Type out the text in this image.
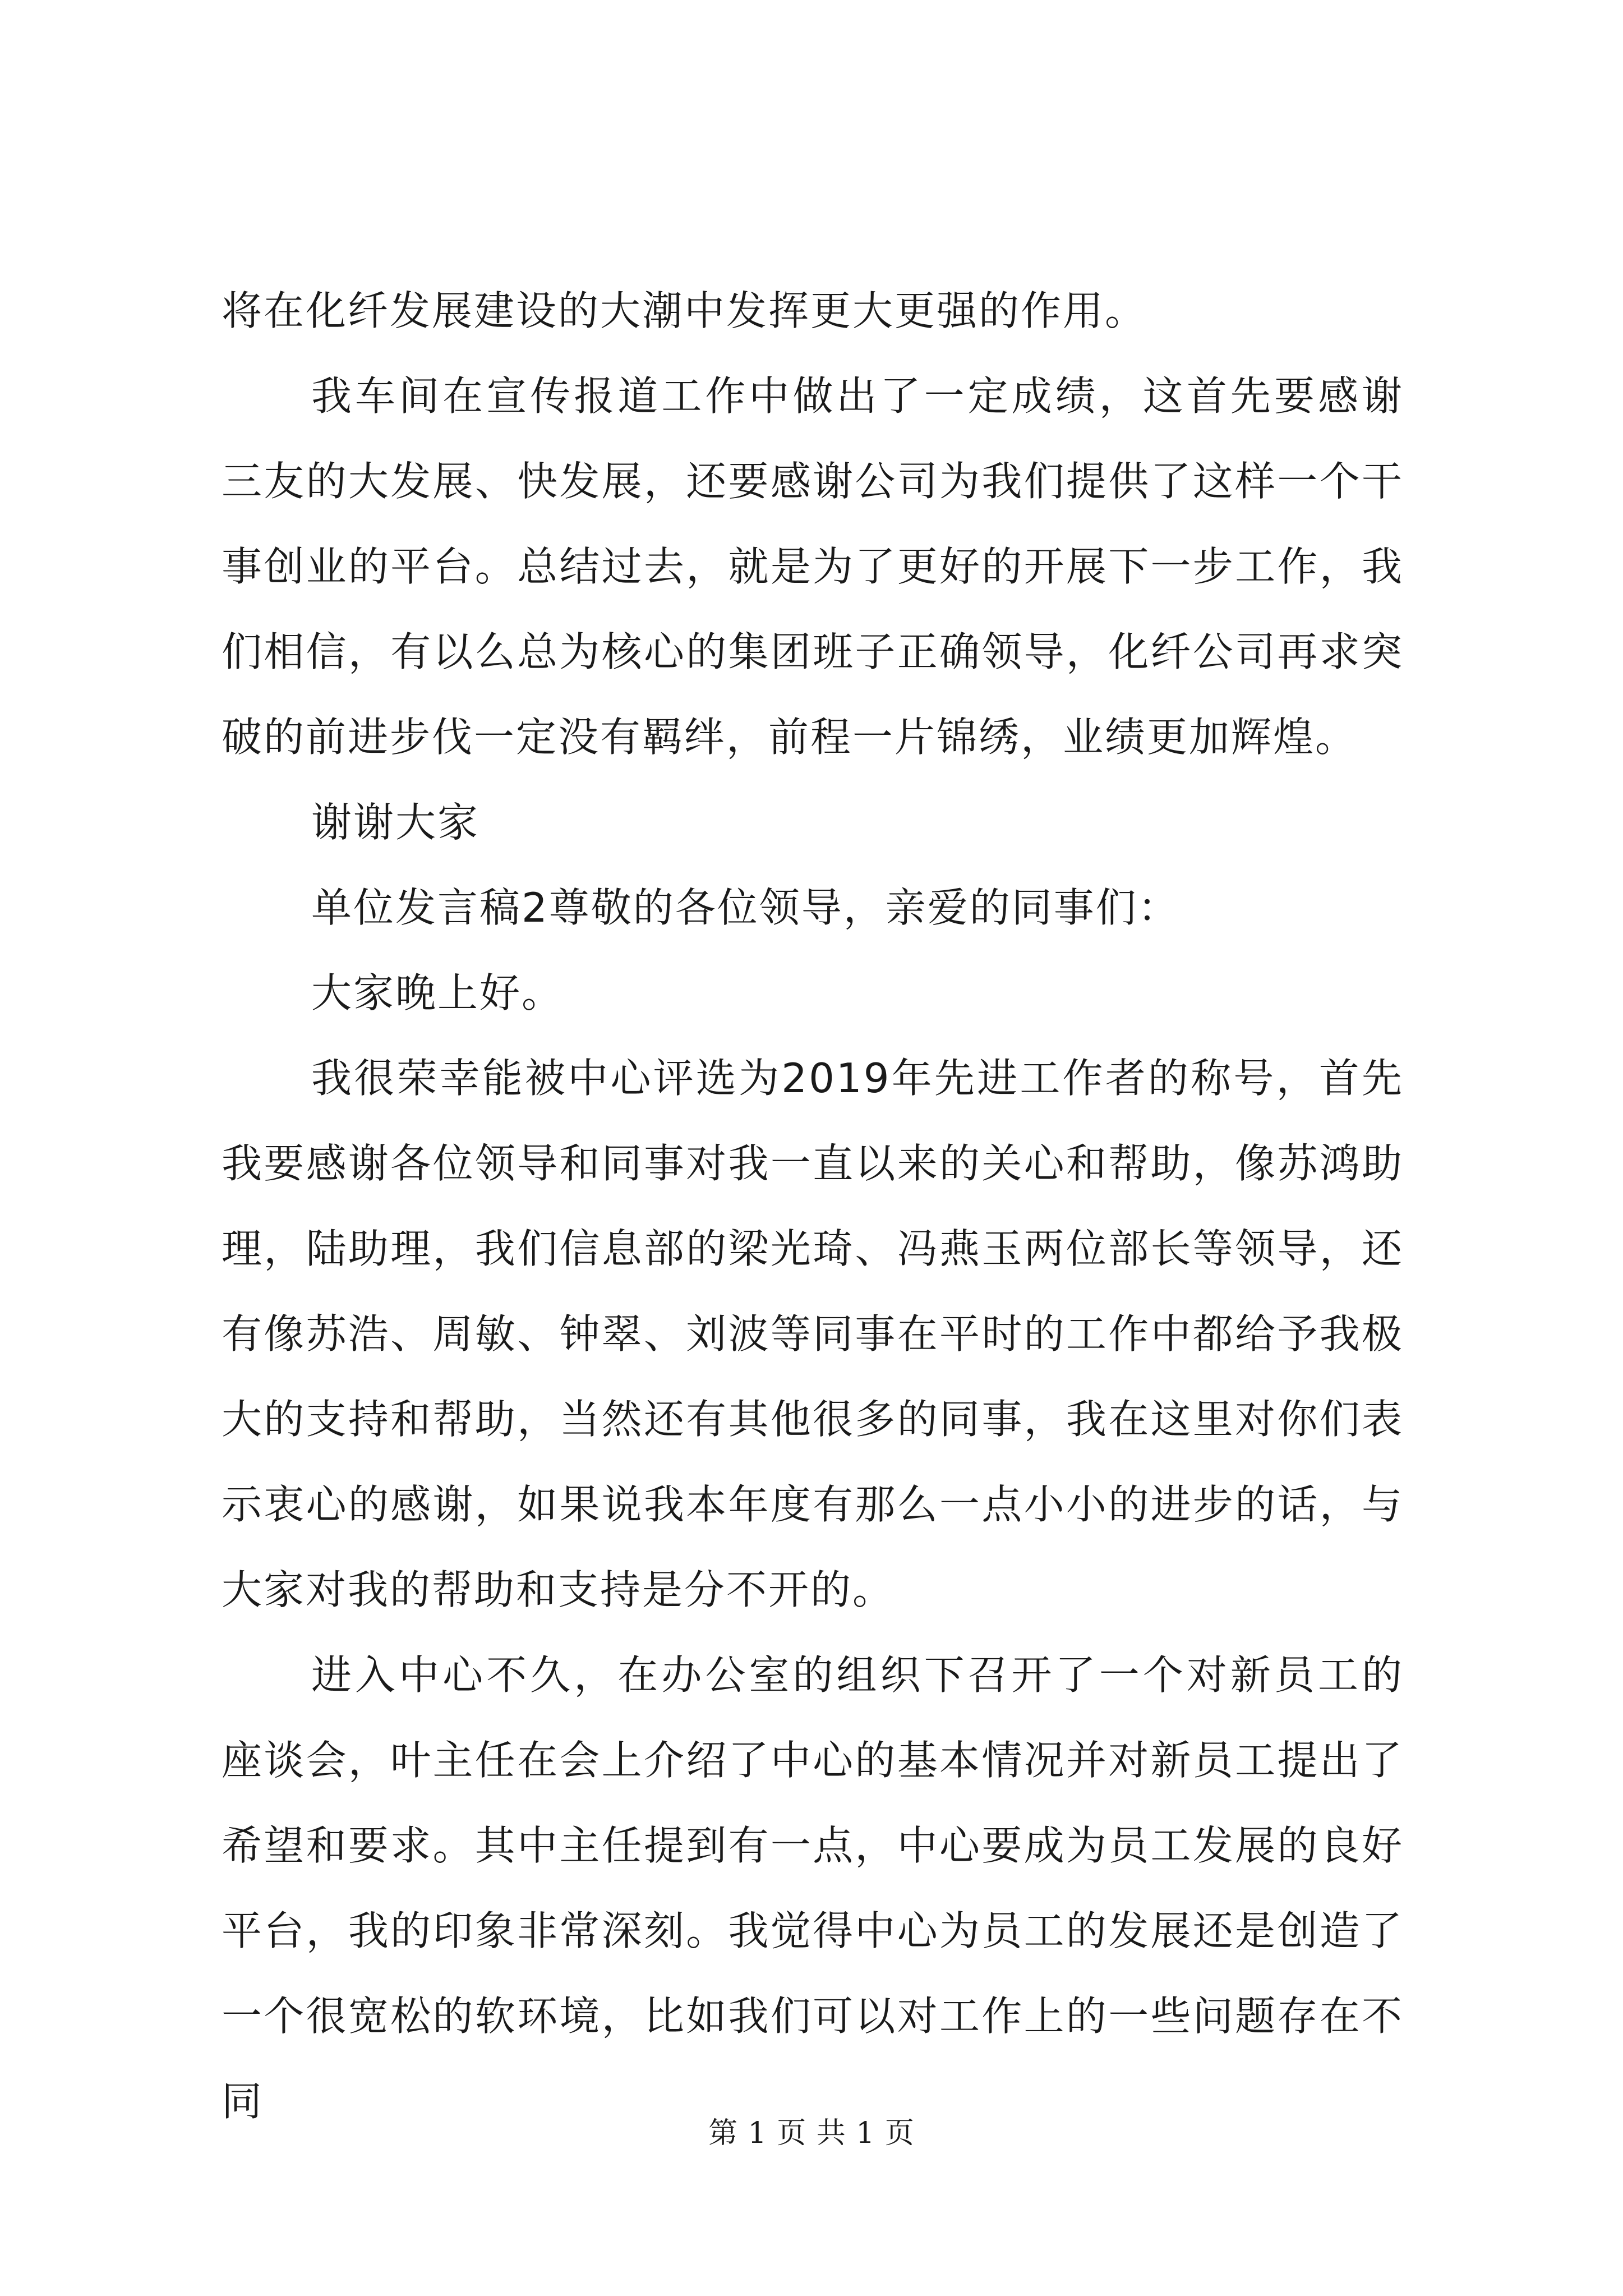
将在化纤发展建设的大潮中发挥更大更强的作用。

我车间在宣传报道工作中做出了一定成绩，这首先要感谢三友的大发展、快发展，还要感谢公司为我们提供了这样一个干事创业的平台。总结过去，就是为了更好的开展下一步工作，我们相信，有以么总为核心的集团班子正确领导，化纤公司再求突破的前进步伐一定没有羁绊，前程一片锦绣，业绩更加辉煌。

谢谢大家

单位发言稿2尊敬的各位领导，亲爱的同事们：

大家晚上好。

我很荣幸能被中心评选为2019年先进工作者的称号，首先我要感谢各位领导和同事对我一直以来的关心和帮助，像苏鸿助理，陆助理，我们信息部的梁光琦、冯燕玉两位部长等领导，还有像苏浩、周敏、钟翠、刘波等同事在平时的工作中都给予我极大的支持和帮助，当然还有其他很多的同事，我在这里对你们表示衷心的感谢，如果说我本年度有那么一点小小的进步的话，与大家对我的帮助和支持是分不开的。

进入中心不久，在办公室的组织下召开了一个对新员工的座谈会，叶主任在会上介绍了中心的基本情况并对新员工提出了希望和要求。其中主任提到有一点，中心要成为员工发展的良好平台，我的印象非常深刻。我觉得中心为员工的发展还是创造了一个很宽松的软环境，比如我们可以对工作上的一些问题存在不同

第 1 页 共 1 页
